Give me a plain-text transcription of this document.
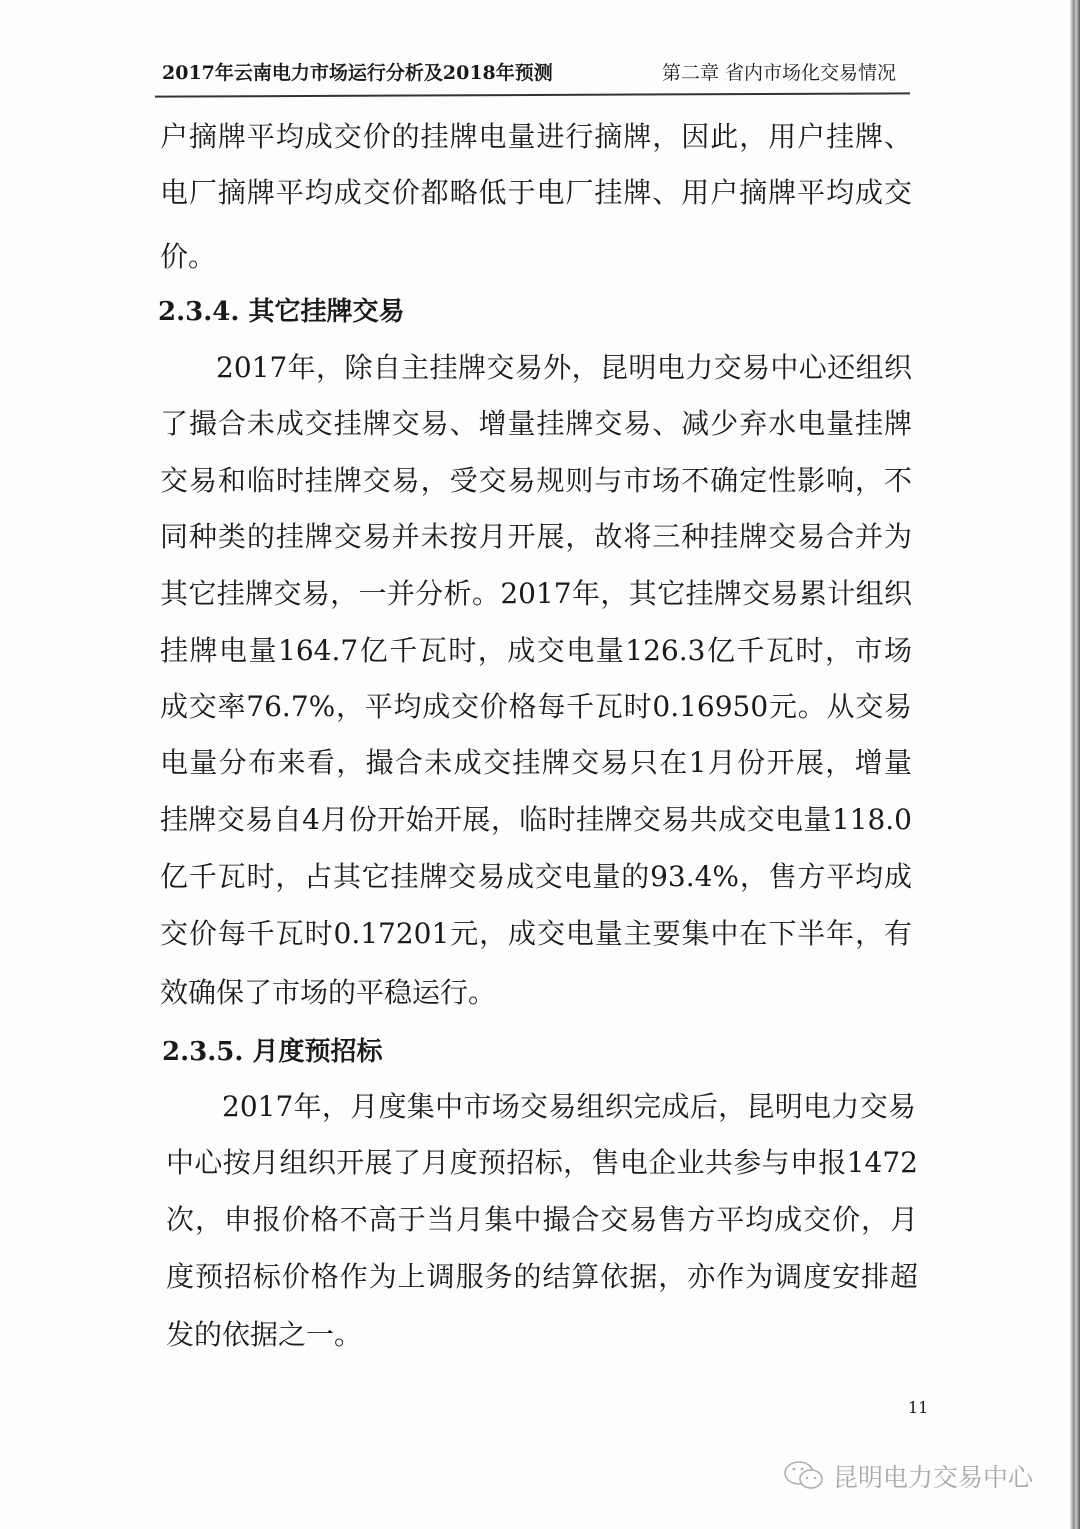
2017年云南电力市场运行分析及2018年预测	第二章 省内市场化交易情况
户摘牌平均成交价的挂牌电量进行摘牌，因此，用户挂牌、
电厂摘牌平均成交价都略低于电厂挂牌、用户摘牌平均成交
价。
2.3.4. 其它挂牌交易
2017年，除自主挂牌交易外，昆明电力交易中心还组织
了撮合未成交挂牌交易、增量挂牌交易、减少弃水电量挂牌
交易和临时挂牌交易，受交易规则与市场不确定性影响，不
同种类的挂牌交易并未按月开展，故将三种挂牌交易合并为
其它挂牌交易，一并分析。2017年，其它挂牌交易累计组织
挂牌电量164.7亿千瓦时，成交电量126.3亿千瓦时，市场
成交率76.7%，平均成交价格每千瓦时0.16950元。从交易
电量分布来看，撮合未成交挂牌交易只在1月份开展，增量
挂牌交易自4月份开始开展，临时挂牌交易共成交电量118.0
亿千瓦时，占其它挂牌交易成交电量的93.4%，售方平均成
交价每千瓦时0.17201元，成交电量主要集中在下半年，有
效确保了市场的平稳运行。
2.3.5. 月度预招标
2017年，月度集中市场交易组织完成后，昆明电力交易
中心按月组织开展了月度预招标，售电企业共参与申报1472
次，申报价格不高于当月集中撮合交易售方平均成交价，月
度预招标价格作为上调服务的结算依据，亦作为调度安排超
发的依据之一。
11
昆明电力交易中心
